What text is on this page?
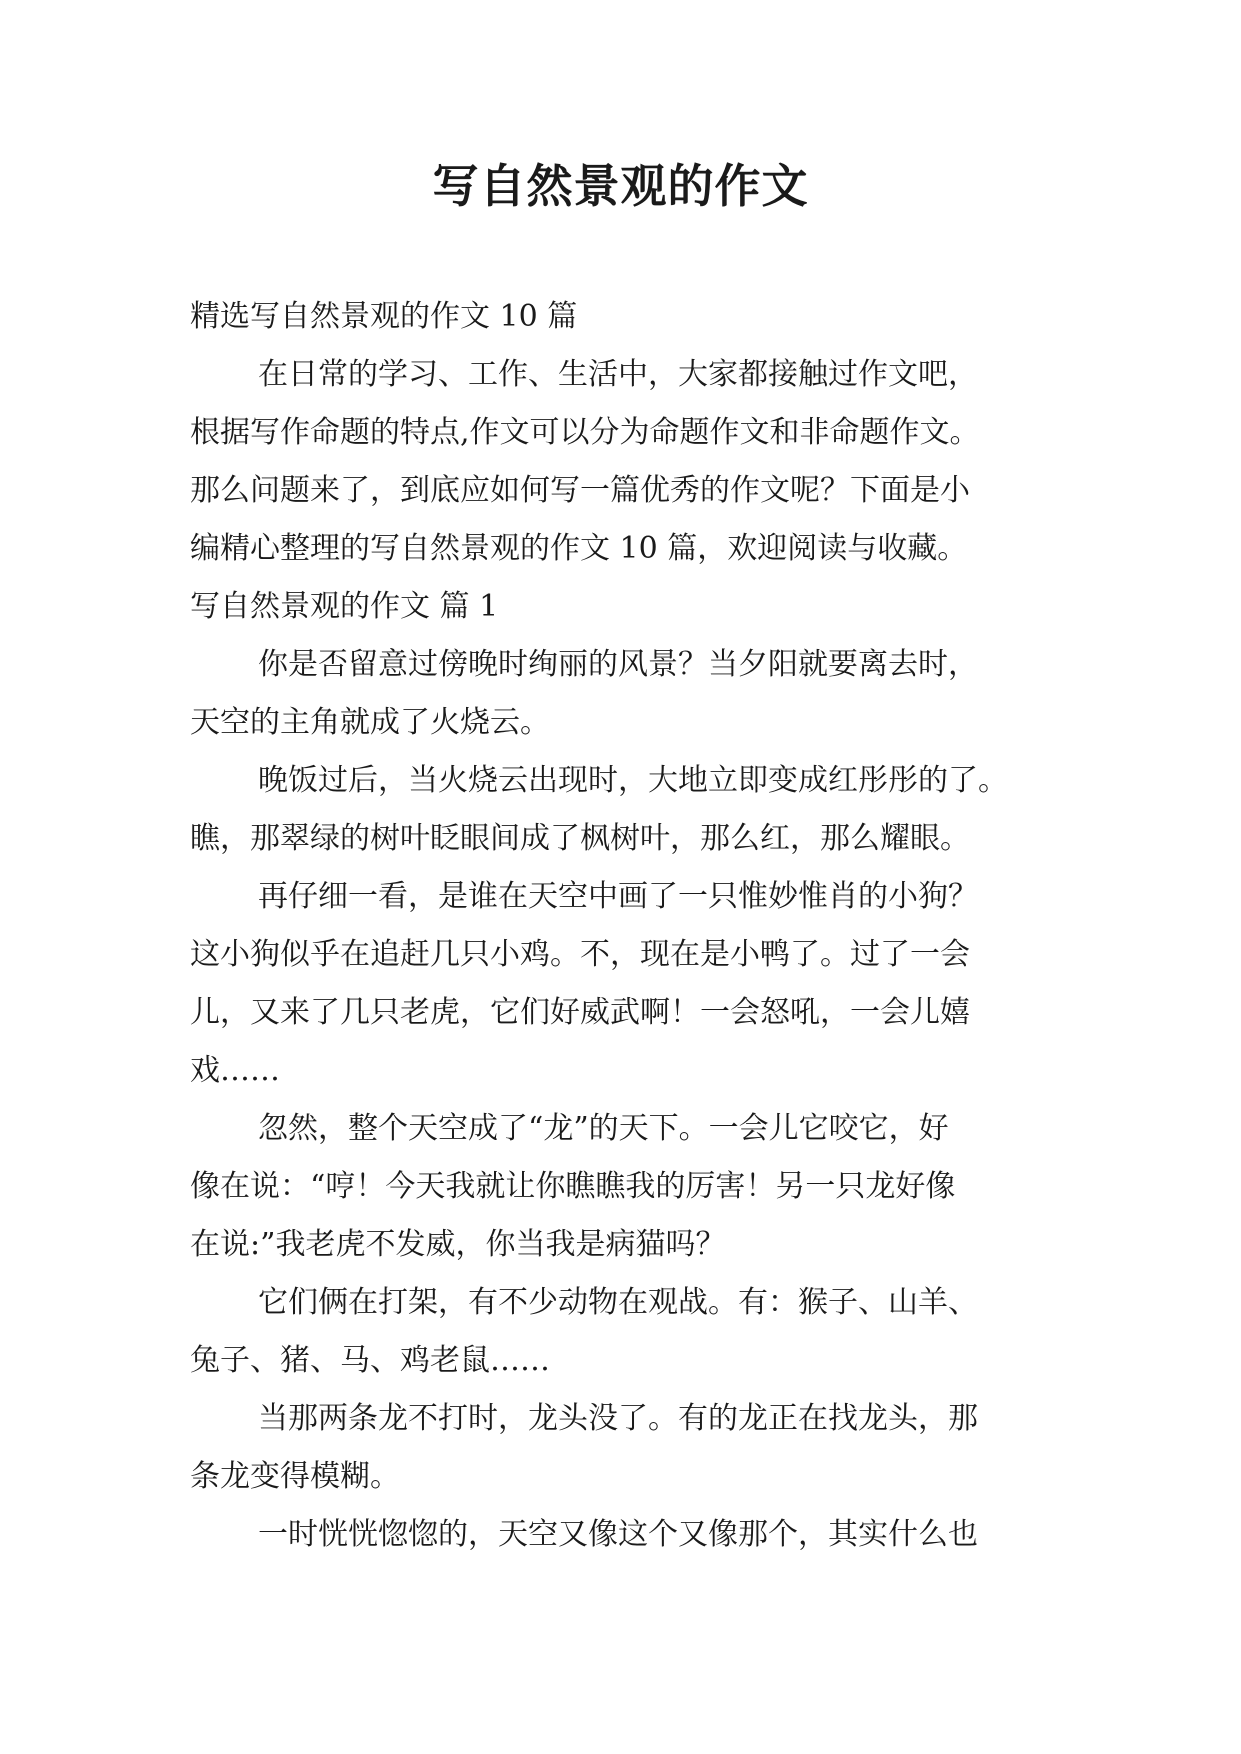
写自然景观的作文
精选写自然景观的作文 10 篇
在日常的学习、工作、生活中，大家都接触过作文吧，
根据写作命题的特点,作文可以分为命题作文和非命题作文。
那么问题来了，到底应如何写一篇优秀的作文呢？下面是小
编精心整理的写自然景观的作文 10 篇，欢迎阅读与收藏。
写自然景观的作文 篇 1
你是否留意过傍晚时绚丽的风景？当夕阳就要离去时，
天空的主角就成了火烧云。
晚饭过后，当火烧云出现时，大地立即变成红彤彤的了。
瞧，那翠绿的树叶眨眼间成了枫树叶，那么红，那么耀眼。
再仔细一看，是谁在天空中画了一只惟妙惟肖的小狗？
这小狗似乎在追赶几只小鸡。不，现在是小鸭了。过了一会
儿，又来了几只老虎，它们好威武啊！一会怒吼，一会儿嬉
戏……
忽然，整个天空成了“龙”的天下。一会儿它咬它，好
像在说：“哼！今天我就让你瞧瞧我的厉害！另一只龙好像
在说:”我老虎不发威，你当我是病猫吗？
它们俩在打架，有不少动物在观战。有：猴子、山羊、
兔子、猪、马、鸡老鼠……
当那两条龙不打时，龙头没了。有的龙正在找龙头，那
条龙变得模糊。
一时恍恍惚惚的，天空又像这个又像那个，其实什么也
